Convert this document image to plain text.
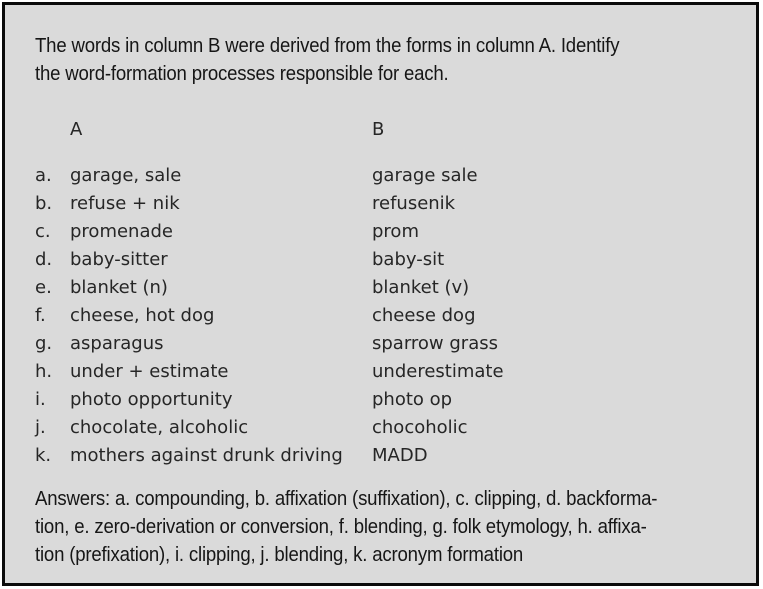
The words in column B were derived from the forms in column A. Identify
the word-formation processes responsible for each.

A	B
a.	garage, sale	garage sale
b. refuse + nik	refusenik
c.	promenade	prom
d. baby-sitter	baby-sit
e.	blanket (n)	blanket (v)
f.	cheese, hot dog	cheese dog
g. asparagus	sparrow grass
h. under + estimate	underestimate
i.	photo opportunity	photo op
j.	chocolate, alcoholic	chocoholic
k.	mothers against drunk driving	MADD

Answers: a. compounding, b. affixation (suffixation), c. clipping, d. backforma-
tion, e. zero-derivation or conversion, f. blending, g. folk etymology, h. affixa-
tion (prefixation), i. clipping, j. blending, k. acronym formation
